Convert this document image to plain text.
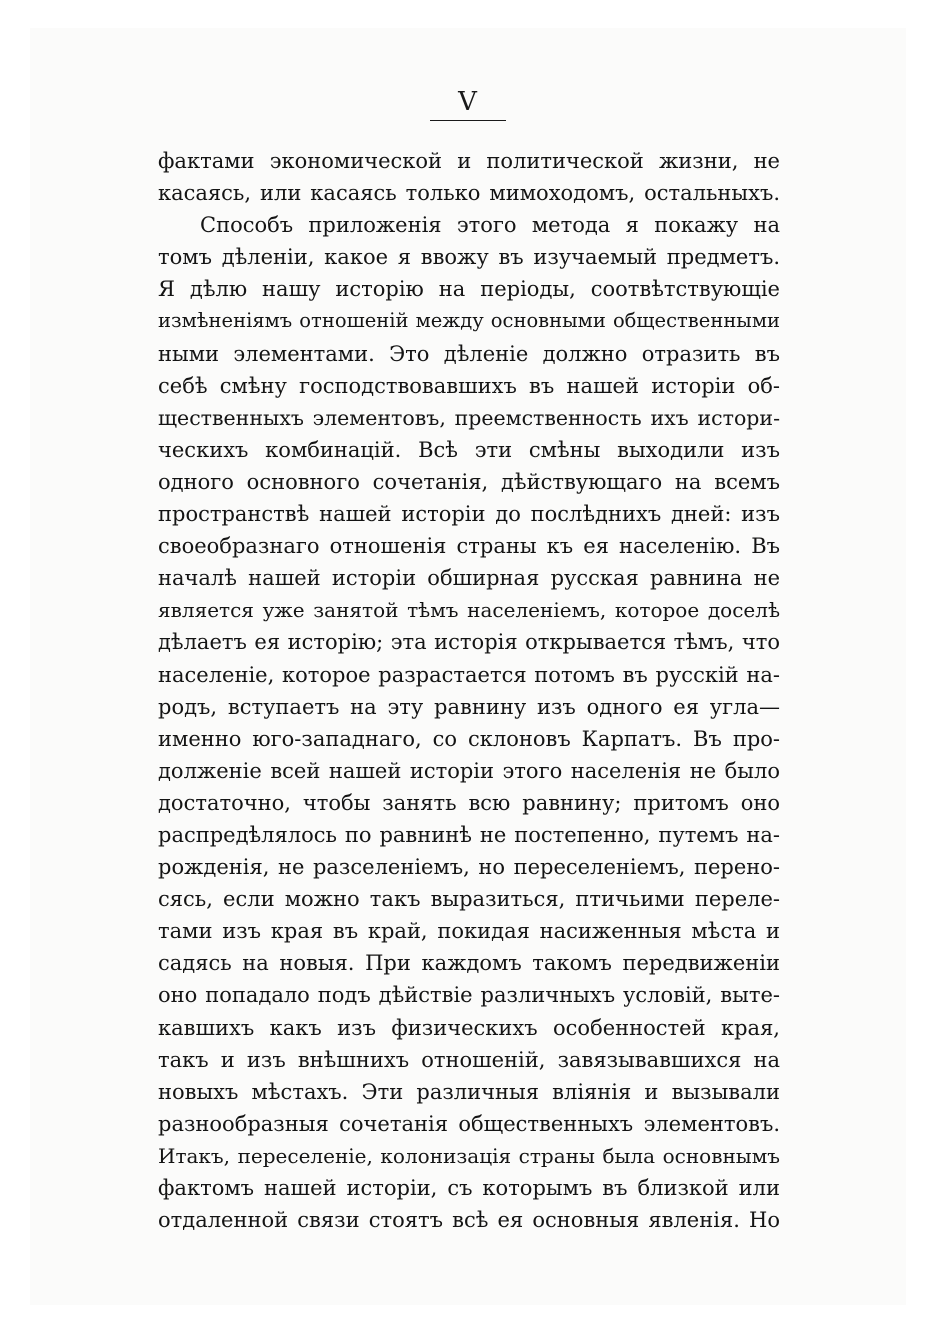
V
фактами экономической и политической жизни, не
касаясь, или касаясь только мимоходомъ, остальныхъ.
Способъ приложенія этого метода я покажу на
томъ дѣленіи, какое я ввожу въ изучаемый предметъ.
Я дѣлю нашу исторію на періоды, соотвѣтствующіе
измѣненіямъ отношеній между основными общественными
ными элементами. Это дѣленіе должно отразить въ
себѣ смѣну господствовавшихъ въ нашей исторіи об-
щественныхъ элементовъ, преемственность ихъ истори-
ческихъ комбинацій. Всѣ эти смѣны выходили изъ
одного основного сочетанія, дѣйствующаго на всемъ
пространствѣ нашей исторіи до послѣднихъ дней: изъ
своеобразнаго отношенія страны къ ея населенію. Въ
началѣ нашей исторіи обширная русская равнина не
является уже занятой тѣмъ населеніемъ, которое доселѣ
дѣлаетъ ея исторію; эта исторія открывается тѣмъ, что
населеніе, которое разрастается потомъ въ русскій на-
родъ, вступаетъ на эту равнину изъ одного ея угла—
именно юго-западнаго, со склоновъ Карпатъ. Въ про-
долженіе всей нашей исторіи этого населенія не было
достаточно, чтобы занять всю равнину; притомъ оно
распредѣлялось по равнинѣ не постепенно, путемъ на-
рожденія, не разселеніемъ, но переселеніемъ, перено-
сясь, если можно такъ выразиться, птичьими переле-
тами изъ края въ край, покидая насиженныя мѣста и
садясь на новыя. При каждомъ такомъ передвиженіи
оно попадало подъ дѣйствіе различныхъ условій, выте-
кавшихъ какъ изъ физическихъ особенностей края,
такъ и изъ внѣшнихъ отношеній, завязывавшихся на
новыхъ мѣстахъ. Эти различныя вліянія и вызывали
разнообразныя сочетанія общественныхъ элементовъ.
Итакъ, переселеніе, колонизація страны была основнымъ
фактомъ нашей исторіи, съ которымъ въ близкой или
отдаленной связи стоятъ всѣ ея основныя явленія. Но
